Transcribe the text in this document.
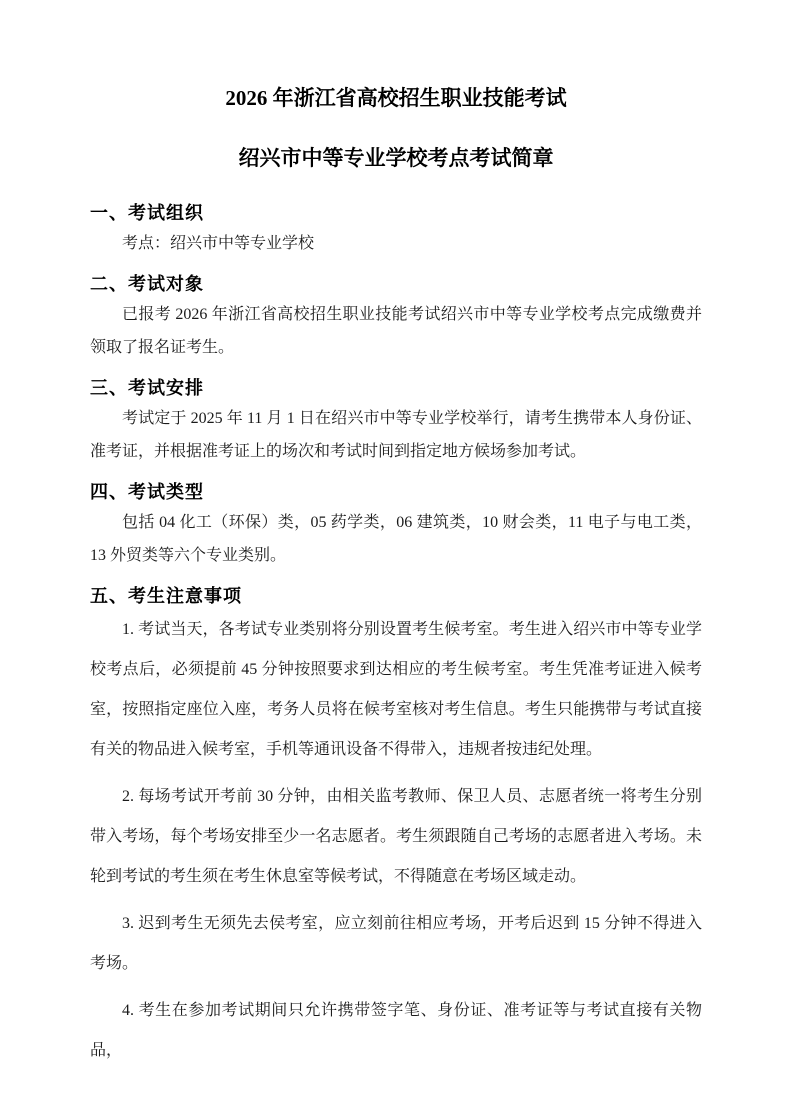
2026 年浙江省高校招生职业技能考试
绍兴市中等专业学校考点考试简章
一、考试组织

考点：绍兴市中等专业学校

二、考试对象

已报考 2026 年浙江省高校招生职业技能考试绍兴市中等专业学校考点完成缴费并领取了报名证考生。

三、考试安排

考试定于 2025 年 11 月 1 日在绍兴市中等专业学校举行，请考生携带本人身份证、准考证，并根据准考证上的场次和考试时间到指定地方候场参加考试。

四、考试类型

包括 04 化工（环保）类，05 药学类，06 建筑类，10 财会类，11 电子与电工类，13 外贸类等六个专业类别。

五、考生注意事项

1. 考试当天，各考试专业类别将分别设置考生候考室。考生进入绍兴市中等专业学校考点后，必须提前 45 分钟按照要求到达相应的考生候考室。考生凭准考证进入候考室，按照指定座位入座，考务人员将在候考室核对考生信息。考生只能携带与考试直接有关的物品进入候考室，手机等通讯设备不得带入，违规者按违纪处理。

2. 每场考试开考前 30 分钟，由相关监考教师、保卫人员、志愿者统一将考生分别带入考场，每个考场安排至少一名志愿者。考生须跟随自己考场的志愿者进入考场。未轮到考试的考生须在考生休息室等候考试，不得随意在考场区域走动。

3. 迟到考生无须先去侯考室，应立刻前往相应考场，开考后迟到 15 分钟不得进入考场。

4. 考生在参加考试期间只允许携带签字笔、身份证、准考证等与考试直接有关物品，
